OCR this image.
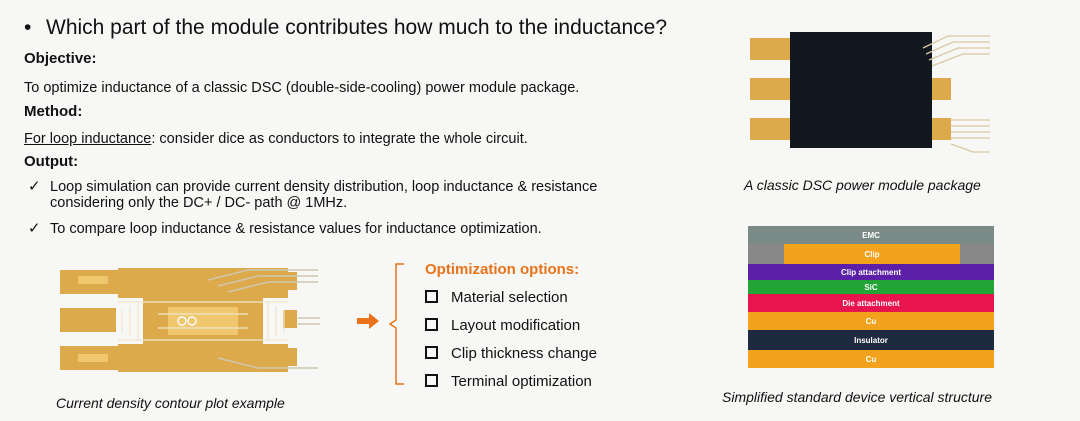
• Which part of the module contributes how much to the inductance?
Objective:
To optimize inductance of a classic DSC (double-side-cooling) power module package.
Method:
For loop inductance: consider dice as conductors to integrate the whole circuit.
Output:
✓ Loop simulation can provide current density distribution, loop inductance & resistance
considering only the DC+ / DC- path @ 1MHz.
✓ To compare loop inductance & resistance values for inductance optimization.
Current density contour plot example
Optimization options:
Material selection
Layout modification
Clip thickness change
Terminal optimization
A classic DSC power module package
EMC
Clip
Clip attachment
SiC
Die attachment
Cu
Insulator
Cu
Simplified standard device vertical structure
